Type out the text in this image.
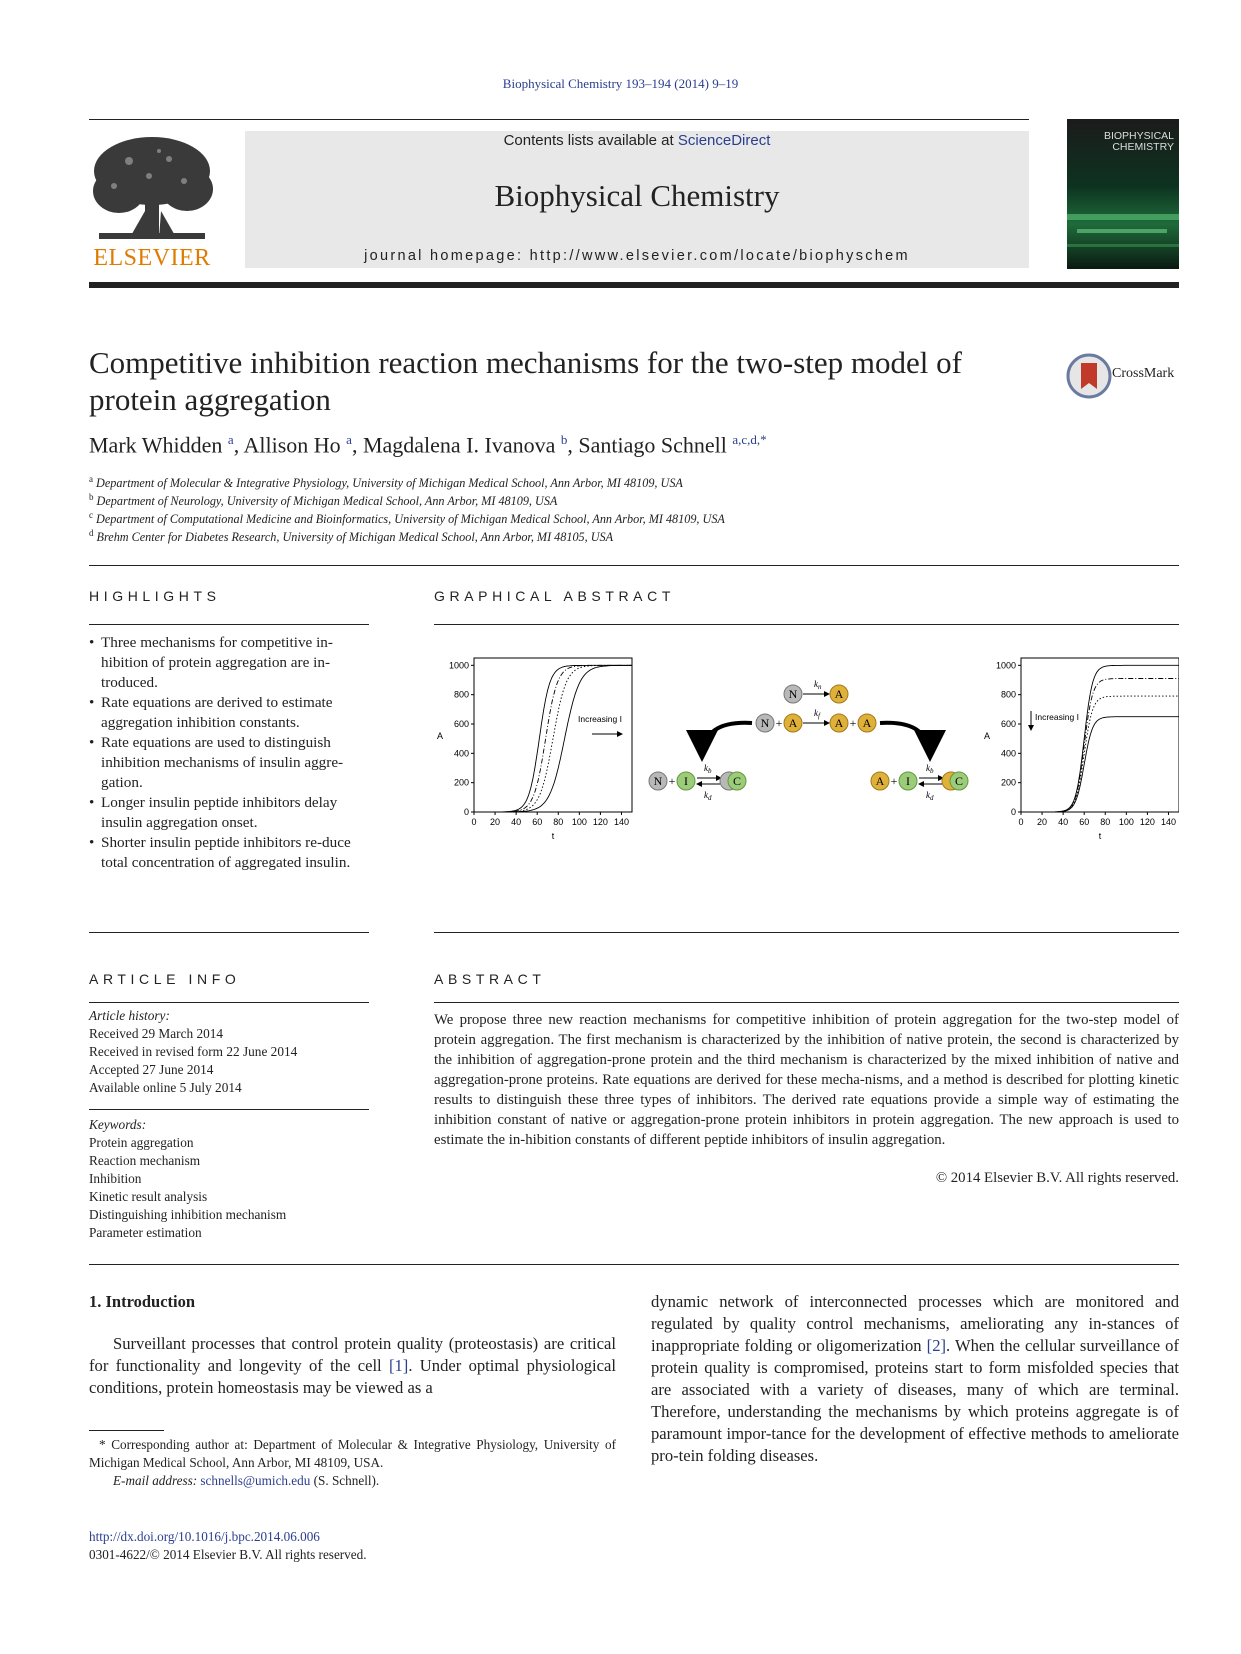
Biophysical Chemistry 193–194 (2014) 9–19
ELSEVIER
Contents lists available at ScienceDirect
Biophysical Chemistry
journal homepage: http://www.elsevier.com/locate/biophyschem
BIOPHYSICAL
CHEMISTRY
Competitive inhibition reaction mechanisms for the two-step model of protein aggregation
CrossMark
Mark Whidden $^a$, Allison Ho $^a$, Magdalena I. Ivanova $^b$, Santiago Schnell $^{a,c,d,*}$
$^a$ Department of Molecular & Integrative Physiology, University of Michigan Medical School, Ann Arbor, MI 48109, USA
$^b$ Department of Neurology, University of Michigan Medical School, Ann Arbor, MI 48109, USA
$^c$ Department of Computational Medicine and Bioinformatics, University of Michigan Medical School, Ann Arbor, MI 48109, USA
$^d$ Brehm Center for Diabetes Research, University of Michigan Medical School, Ann Arbor, MI 48105, USA
HIGHLIGHTS
• Three mechanisms for competitive in-hibition of protein aggregation are in-troduced.
• Rate equations are derived to estimate aggregation inhibition constants.
• Rate equations are used to distinguish inhibition mechanisms of insulin aggre-gation.
• Longer insulin peptide inhibitors delay insulin aggregation onset.
• Shorter insulin peptide inhibitors re-duce total concentration of aggregated insulin.
GRAPHICAL ABSTRACT
0 20 40 60 80 100 120 140
0
200
400
600
800
1000
t
A
Increasing I
0 20 40 60 80 100 120 140
0
200
400
600
800
1000
t
A
Increasing I
N
$k_n$ A
N + A
$k_f$ A + A
N + I
$k_b$
$k_d$
C	A + I
$k_b$
$k_d$
C
ARTICLE INFO
Article history:
Received 29 March 2014
Received in revised form 22 June 2014
Accepted 27 June 2014
Available online 5 July 2014
Keywords:
Protein aggregation
Reaction mechanism
Inhibition
Kinetic result analysis
Distinguishing inhibition mechanism
Parameter estimation
ABSTRACT
We propose three new reaction mechanisms for competitive inhibition of protein aggregation for the two-step model of protein aggregation. The first mechanism is characterized by the inhibition of native protein, the second is characterized by the inhibition of aggregation-prone protein and the third mechanism is characterized by the mixed inhibition of native and aggregation-prone proteins. Rate equations are derived for these mecha-nisms, and a method is described for plotting kinetic results to distinguish these three types of inhibitors. The derived rate equations provide a simple way of estimating the inhibition constant of native or aggregation-prone protein inhibitors in protein aggregation. The new approach is used to estimate the in-hibition constants of different peptide inhibitors of insulin aggregation.
© 2014 Elsevier B.V. All rights reserved.
1. Introduction
Surveillant processes that control protein quality (proteostasis) are critical for functionality and longevity of the cell [1]. Under optimal physiological conditions, protein homeostasis may be viewed as a
dynamic network of interconnected processes which are monitored and regulated by quality control mechanisms, ameliorating any in-stances of inappropriate folding or oligomerization [2]. When the cellular surveillance of protein quality is compromised, proteins start to form misfolded species that are associated with a variety of diseases, many of which are terminal. Therefore, understanding the mechanisms by which proteins aggregate is of paramount impor-tance for the development of effective methods to ameliorate pro-tein folding diseases.
* Corresponding author at: Department of Molecular & Integrative Physiology, University of Michigan Medical School, Ann Arbor, MI 48109, USA.
E-mail address: schnells@umich.edu (S. Schnell).
http://dx.doi.org/10.1016/j.bpc.2014.06.006
0301-4622/© 2014 Elsevier B.V. All rights reserved.
